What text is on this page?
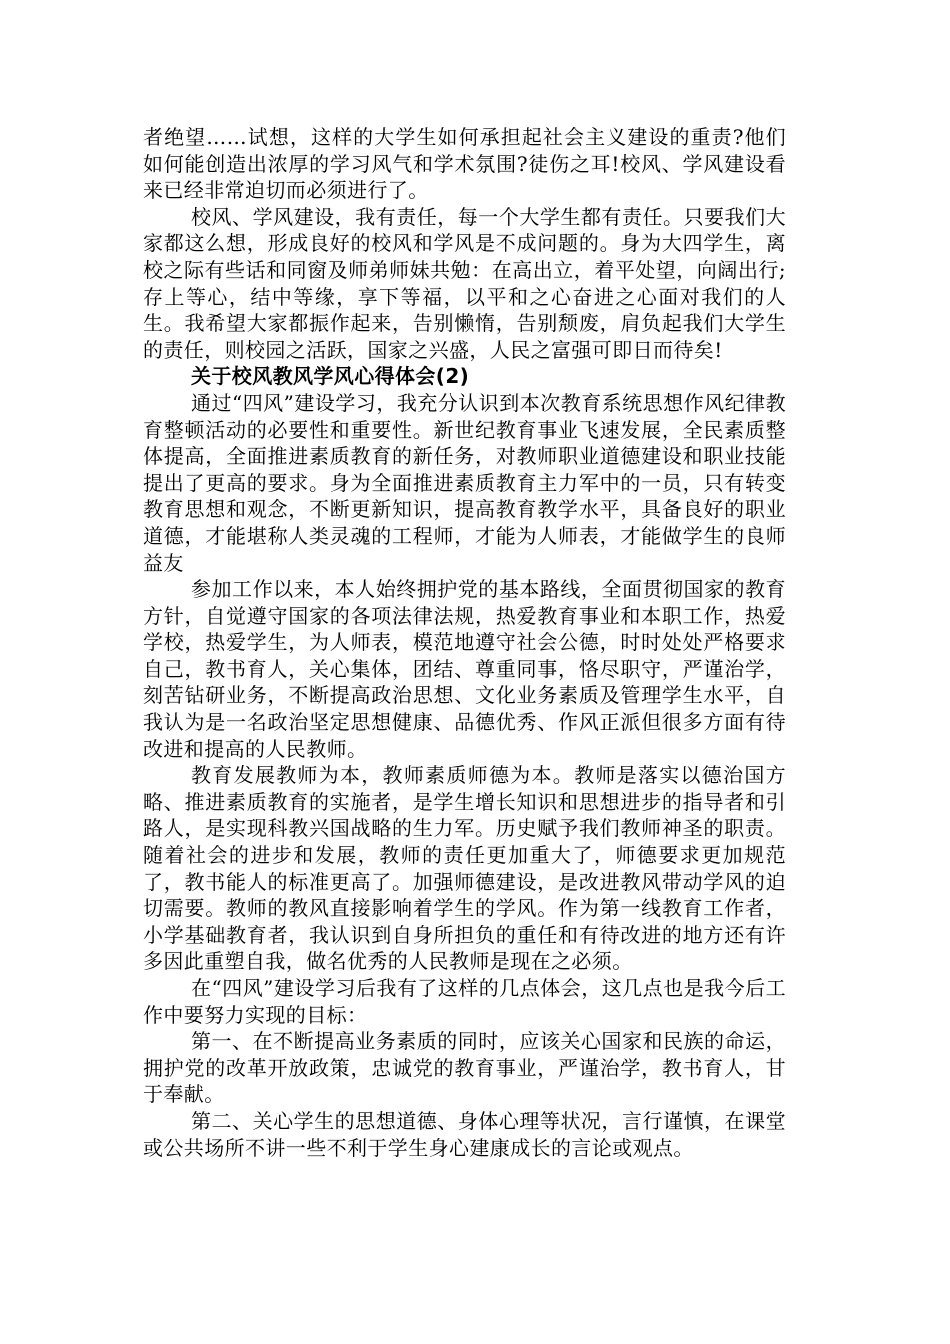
者绝望……试想，这样的大学生如何承担起社会主义建设的重责?他们如何能创造出浓厚的学习风气和学术氛围?徒伤之耳!校风、学风建设看来已经非常迫切而必须进行了。

校风、学风建设，我有责任，每一个大学生都有责任。只要我们大家都这么想，形成良好的校风和学风是不成问题的。身为大四学生，离校之际有些话和同窗及师弟师妹共勉：在高出立，着平处望，向阔出行;存上等心，结中等缘，享下等福，以平和之心奋进之心面对我们的人生。我希望大家都振作起来，告别懒惰，告别颓废，肩负起我们大学生的责任，则校园之活跃，国家之兴盛，人民之富强可即日而待矣!

关于校风教风学风心得体会(2)

通过“四风”建设学习，我充分认识到本次教育系统思想作风纪律教育整顿活动的必要性和重要性。新世纪教育事业飞速发展，全民素质整体提高，全面推进素质教育的新任务，对教师职业道德建设和职业技能提出了更高的要求。身为全面推进素质教育主力军中的一员，只有转变教育思想和观念，不断更新知识，提高教育教学水平，具备良好的职业道德，才能堪称人类灵魂的工程师，才能为人师表，才能做学生的良师益友

参加工作以来，本人始终拥护党的基本路线，全面贯彻国家的教育方针，自觉遵守国家的各项法律法规，热爱教育事业和本职工作，热爱学校，热爱学生，为人师表，模范地遵守社会公德，时时处处严格要求自己，教书育人，关心集体，团结、尊重同事，恪尽职守，严谨治学，刻苦钻研业务，不断提高政治思想、文化业务素质及管理学生水平，自我认为是一名政治坚定思想健康、品德优秀、作风正派但很多方面有待改进和提高的人民教师。

教育发展教师为本，教师素质师德为本。教师是落实以德治国方略、推进素质教育的实施者，是学生增长知识和思想进步的指导者和引路人，是实现科教兴国战略的生力军。历史赋予我们教师神圣的职责。随着社会的进步和发展，教师的责任更加重大了，师德要求更加规范了，教书能人的标准更高了。加强师德建设，是改进教风带动学风的迫切需要。教师的教风直接影响着学生的学风。作为第一线教育工作者，小学基础教育者，我认识到自身所担负的重任和有待改进的地方还有许多因此重塑自我，做名优秀的人民教师是现在之必须。

在“四风”建设学习后我有了这样的几点体会，这几点也是我今后工作中要努力实现的目标：

第一、在不断提高业务素质的同时，应该关心国家和民族的命运，拥护党的改革开放政策，忠诚党的教育事业，严谨治学，教书育人，甘于奉献。

第二、关心学生的思想道德、身体心理等状况，言行谨慎，在课堂或公共场所不讲一些不利于学生身心建康成长的言论或观点。
